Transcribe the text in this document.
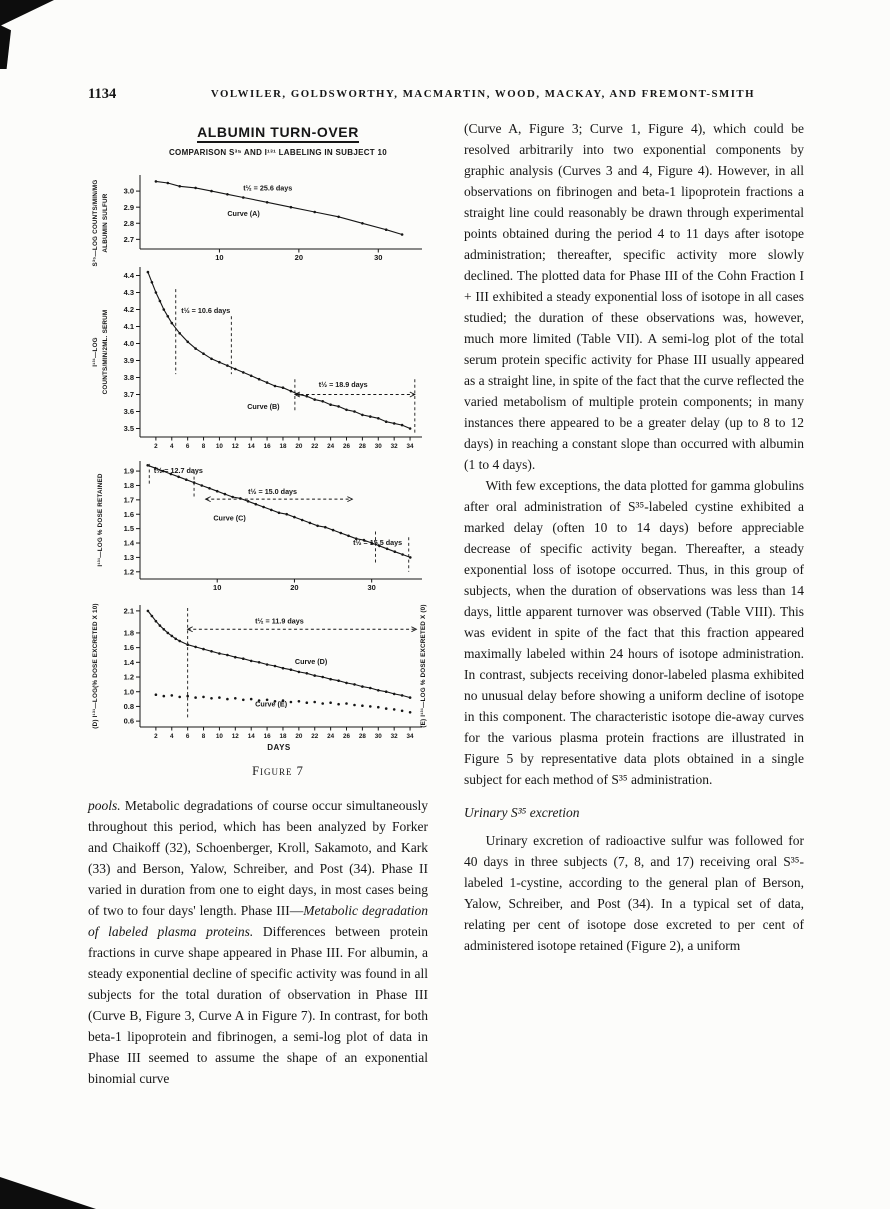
1134	VOLWILER, GOLDSWORTHY, MACMARTIN, WOOD, MACKAY, AND FREMONT-SMITH
ALBUMIN TURN-OVER
COMPARISON S³⁵ AND I¹³¹ LABELING IN SUBJECT 10
3.0
2.9
2.8
2.7
10	20	30
t½ = 25.6 days
Curve (A)
S³⁵—LOG COUNTS/MIN/MG ALBUMIN SULFUR
4.4
4.3
4.2
4.1
4.0
3.9
3.8
3.7
3.6
3.5
2 4 6 8 10 12 14 16 18 20 22 24 26 28 30 32 34
t½ = 10.6 days
t½ = 18.9 days
Curve (B)
I¹³¹—LOG COUNTS/MIN/2ML. SERUM
1.9
1.8
1.7
1.6
1.5
1.4
1.3
1.2
10	20	30
t½ = 12.7 days
t½ = 15.0 days
Curve (C)
t½ = 15.5 days
I¹³¹—LOG % DOSE RETAINED
2.1
1.8
1.6
1.4
1.2
1.0
0.8
0.6
2 4 6 8 10 12 14 16 18 20 22 24 26 28 30 32 34
t½ = 11.9 days
Curve (D)
Curve (E)
(D) I¹³¹—LOG(% DOSE EXCRETED X 10)	(E) I¹³¹—LOG % DOSE EXCRETED X (0)
DAYS
Figure 7

pools. Metabolic degradations of course occur simultaneously throughout this period, which has been analyzed by Forker and Chaikoff (32), Schoenberger, Kroll, Sakamoto, and Kark (33) and Berson, Yalow, Schreiber, and Post (34). Phase II varied in duration from one to eight days, in most cases being of two to four days' length. Phase III—Metabolic degradation of labeled plasma proteins. Differences between protein fractions in curve shape appeared in Phase III. For albumin, a steady exponential decline of specific activity was found in all subjects for the total duration of observation in Phase III (Curve B, Figure 3, Curve A in Figure 7). In contrast, for both beta-1 lipoprotein and fibrinogen, a semi-log plot of data in Phase III seemed to assume the shape of an exponential binomial curve

(Curve A, Figure 3; Curve 1, Figure 4), which could be resolved arbitrarily into two exponential components by graphic analysis (Curves 3 and 4, Figure 4). However, in all observations on fibrinogen and beta-1 lipoprotein fractions a straight line could reasonably be drawn through experimental points obtained during the period 4 to 11 days after isotope administration; thereafter, specific activity more slowly declined. The plotted data for Phase III of the Cohn Fraction I + III exhibited a steady exponential loss of isotope in all cases studied; the duration of these observations was, however, much more limited (Table VII). A semi-log plot of the total serum protein specific activity for Phase III usually appeared as a straight line, in spite of the fact that the curve reflected the varied metabolism of multiple protein components; in many instances there appeared to be a greater delay (up to 8 to 12 days) in reaching a constant slope than occurred with albumin (1 to 4 days).

With few exceptions, the data plotted for gamma globulins after oral administration of S³⁵-labeled cystine exhibited a marked delay (often 10 to 14 days) before appreciable decrease of specific activity began. Thereafter, a steady exponential loss of isotope occurred. Thus, in this group of subjects, when the duration of observations was less than 14 days, little apparent turnover was observed (Table VIII). This was evident in spite of the fact that this fraction appeared maximally labeled within 24 hours of isotope administration. In contrast, subjects receiving donor-labeled plasma exhibited no unusual delay before showing a uniform decline of isotope in this component. The characteristic isotope die-away curves for the various plasma protein fractions are illustrated in Figure 5 by representative data plots obtained in a single subject for each method of S³⁵ administration.

Urinary S³⁵ excretion

Urinary excretion of radioactive sulfur was followed for 40 days in three subjects (7, 8, and 17) receiving oral S³⁵-labeled 1-cystine, according to the general plan of Berson, Yalow, Schreiber, and Post (34). In a typical set of data, relating per cent of isotope dose excreted to per cent of administered isotope retained (Figure 2), a uniform
